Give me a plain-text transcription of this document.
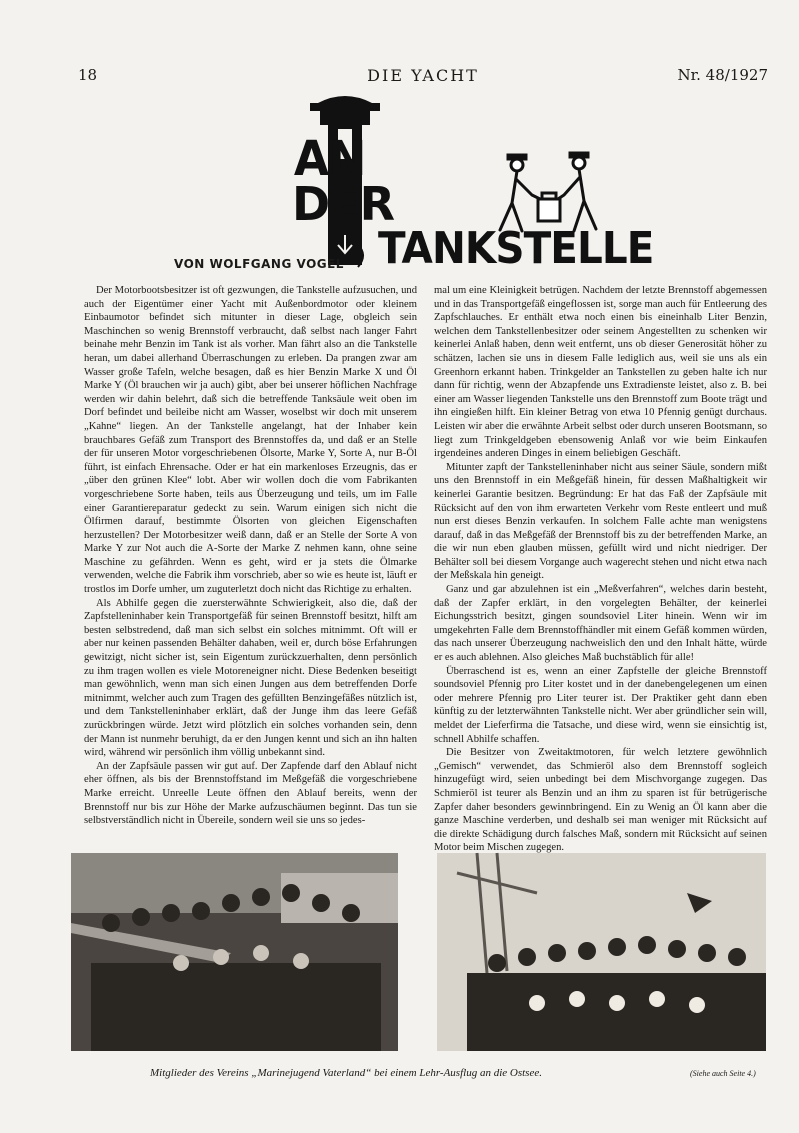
18	DIE YACHT	Nr. 48/1927
AN
DER
TANKSTELLE
VON WOLFGANG VOGEL

Der Motorbootsbesitzer ist oft gezwungen, die Tankstelle aufzusuchen, und auch der Eigentümer einer Yacht mit Außenbordmotor oder kleinem Einbaumotor befindet sich mitunter in dieser Lage, obgleich sein Maschinchen so wenig Brennstoff verbraucht, daß selbst nach langer Fahrt beinahe mehr Benzin im Tank ist als vorher. Man fährt also an die Tankstelle heran, um dabei allerhand Überraschungen zu erleben. Da prangen zwar am Wasser große Tafeln, welche besagen, daß es hier Benzin Marke X und Öl Marke Y (Öl brauchen wir ja auch) gibt, aber bei unserer höflichen Nachfrage werden wir dahin belehrt, daß sich die betreffende Tanksäule weit oben im Dorf befindet und beileibe nicht am Wasser, woselbst wir doch mit unserem „Kahne“ liegen. An der Tankstelle angelangt, hat der Inhaber kein brauchbares Gefäß zum Transport des Brennstoffes da, und daß er an Stelle der für unseren Motor vorgeschriebenen Ölsorte, Marke Y, Sorte A, nur B-Öl führt, ist einfach Ehrensache. Oder er hat ein markenloses Erzeugnis, das er „über den grünen Klee“ lobt. Aber wir wollen doch die vom Fabrikanten vorgeschriebene Sorte haben, teils aus Überzeugung und teils, um im Falle einer Garantiereparatur gedeckt zu sein. Warum einigen sich nicht die Ölfirmen darauf, bestimmte Ölsorten von gleichen Eigenschaften herzustellen? Der Motorbesitzer weiß dann, daß er an Stelle der Sorte A von Marke Y zur Not auch die A-Sorte der Marke Z nehmen kann, ohne seine Maschine zu gefährden. Wenn es geht, wird er ja stets die Ölmarke verwenden, welche die Fabrik ihm vorschrieb, aber so wie es heute ist, läuft er trostlos im Dorfe umher, um zuguterletzt doch nicht das Richtige zu erhalten.

Als Abhilfe gegen die zuersterwähnte Schwierigkeit, also die, daß der Zapfstelleninhaber kein Transportgefäß für seinen Brennstoff besitzt, hilft am besten selbstredend, daß man sich selbst ein solches mitnimmt. Oft will er aber nur keinen passenden Behälter dahaben, weil er, durch böse Erfahrungen gewitzigt, nicht sicher ist, sein Eigentum zurückzuerhalten, denn persönlich zu ihm tragen wollen es viele Motoreneigner nicht. Diese Bedenken beseitigt man gewöhnlich, wenn man sich einen Jungen aus dem betreffenden Dorfe mitnimmt, welcher auch zum Tragen des gefüllten Benzingefäßes nützlich ist, und dem Tankstelleninhaber erklärt, daß der Junge ihm das leere Gefäß zurückbringen würde. Jetzt wird plötzlich ein solches vorhanden sein, denn der Mann ist nunmehr beruhigt, da er den Jungen kennt und sich an ihn halten wird, während wir persönlich ihm völlig unbekannt sind.

An der Zapfsäule passen wir gut auf. Der Zapfende darf den Ablauf nicht eher öffnen, als bis der Brennstoffstand im Meßgefäß die vorgeschriebene Marke erreicht. Unreelle Leute öffnen den Ablauf bereits, wenn der Brennstoff nur bis zur Höhe der Marke aufzuschäumen beginnt. Das tun sie selbstverständlich nicht in Übereile, sondern weil sie uns so jedes-

mal um eine Kleinigkeit betrügen. Nachdem der letzte Brennstoff abgemessen und in das Transportgefäß eingeflossen ist, sorge man auch für Entleerung des Zapfschlauches. Er enthält etwa noch einen bis eineinhalb Liter Benzin, welchen dem Tankstellenbesitzer oder seinem Angestellten zu schenken wir keinerlei Anlaß haben, denn weit entfernt, uns ob dieser Generosität höher zu schätzen, lachen sie uns in diesem Falle lediglich aus, weil sie uns als ein Greenhorn erkannt haben. Trinkgelder an Tankstellen zu geben halte ich nur dann für richtig, wenn der Abzapfende uns Extradienste leistet, also z. B. bei einer am Wasser liegenden Tankstelle uns den Brennstoff zum Boote trägt und ihn eingießen hilft. Ein kleiner Betrag von etwa 10 Pfennig genügt durchaus. Leisten wir aber die erwähnte Arbeit selbst oder durch unseren Bootsmann, so liegt zum Trinkgeldgeben ebensowenig Anlaß vor wie beim Einkaufen irgendeines anderen Dinges in einem beliebigen Geschäft.

Mitunter zapft der Tankstelleninhaber nicht aus seiner Säule, sondern mißt uns den Brennstoff in ein Meßgefäß hinein, für dessen Maßhaltigkeit wir keinerlei Garantie besitzen. Begründung: Er hat das Faß der Zapfsäule mit Rücksicht auf den von ihm erwarteten Verkehr vom Reste entleert und muß nun erst dieses Benzin verkaufen. In solchem Falle achte man wenigstens darauf, daß in das Meßgefäß der Brennstoff bis zu der betreffenden Marke, an die wir nun eben glauben müssen, gefüllt wird und nicht niedriger. Der Behälter soll bei diesem Vorgange auch wagerecht stehen und nicht etwa nach der Meßskala hin geneigt.

Ganz und gar abzulehnen ist ein „Meßverfahren“, welches darin besteht, daß der Zapfer erklärt, in den vorgelegten Behälter, der keinerlei Eichungsstrich besitzt, gingen soundsoviel Liter hinein. Wenn wir im umgekehrten Falle dem Brennstoffhändler mit einem Gefäß kommen würden, das nach unserer Überzeugung nachweislich den und den Inhalt hätte, würde er es auch ablehnen. Also gleiches Maß buchstäblich für alle!

Überraschend ist es, wenn an einer Zapfstelle der gleiche Brennstoff soundsoviel Pfennig pro Liter kostet und in der danebengelegenen um einen oder mehrere Pfennig pro Liter teurer ist. Der Praktiker geht dann eben künftig zu der letzterwähnten Tankstelle nicht. Wer aber gründlicher sein will, meldet der Lieferfirma die Tatsache, und diese wird, wenn sie einsichtig ist, schnell Abhilfe schaffen.

Die Besitzer von Zweitaktmotoren, für welch letztere gewöhnlich „Gemisch“ verwendet, das Schmieröl also dem Brennstoff sogleich hinzugefügt wird, seien unbedingt bei dem Mischvorgange zugegen. Das Schmieröl ist teurer als Benzin und an ihm zu sparen ist für betrügerische Zapfer daher besonders gewinnbringend. Ein zu Wenig an Öl kann aber die ganze Maschine verderben, und deshalb sei man weniger mit Rücksicht auf die direkte Schädigung durch falsches Maß, sondern mit Rücksicht auf seinen Motor beim Mischen zugegen.

Mitglieder des Vereins „Marinejugend Vaterland“ bei einem Lehr-Ausflug an die Ostsee.	(Siehe auch Seite 4.)
